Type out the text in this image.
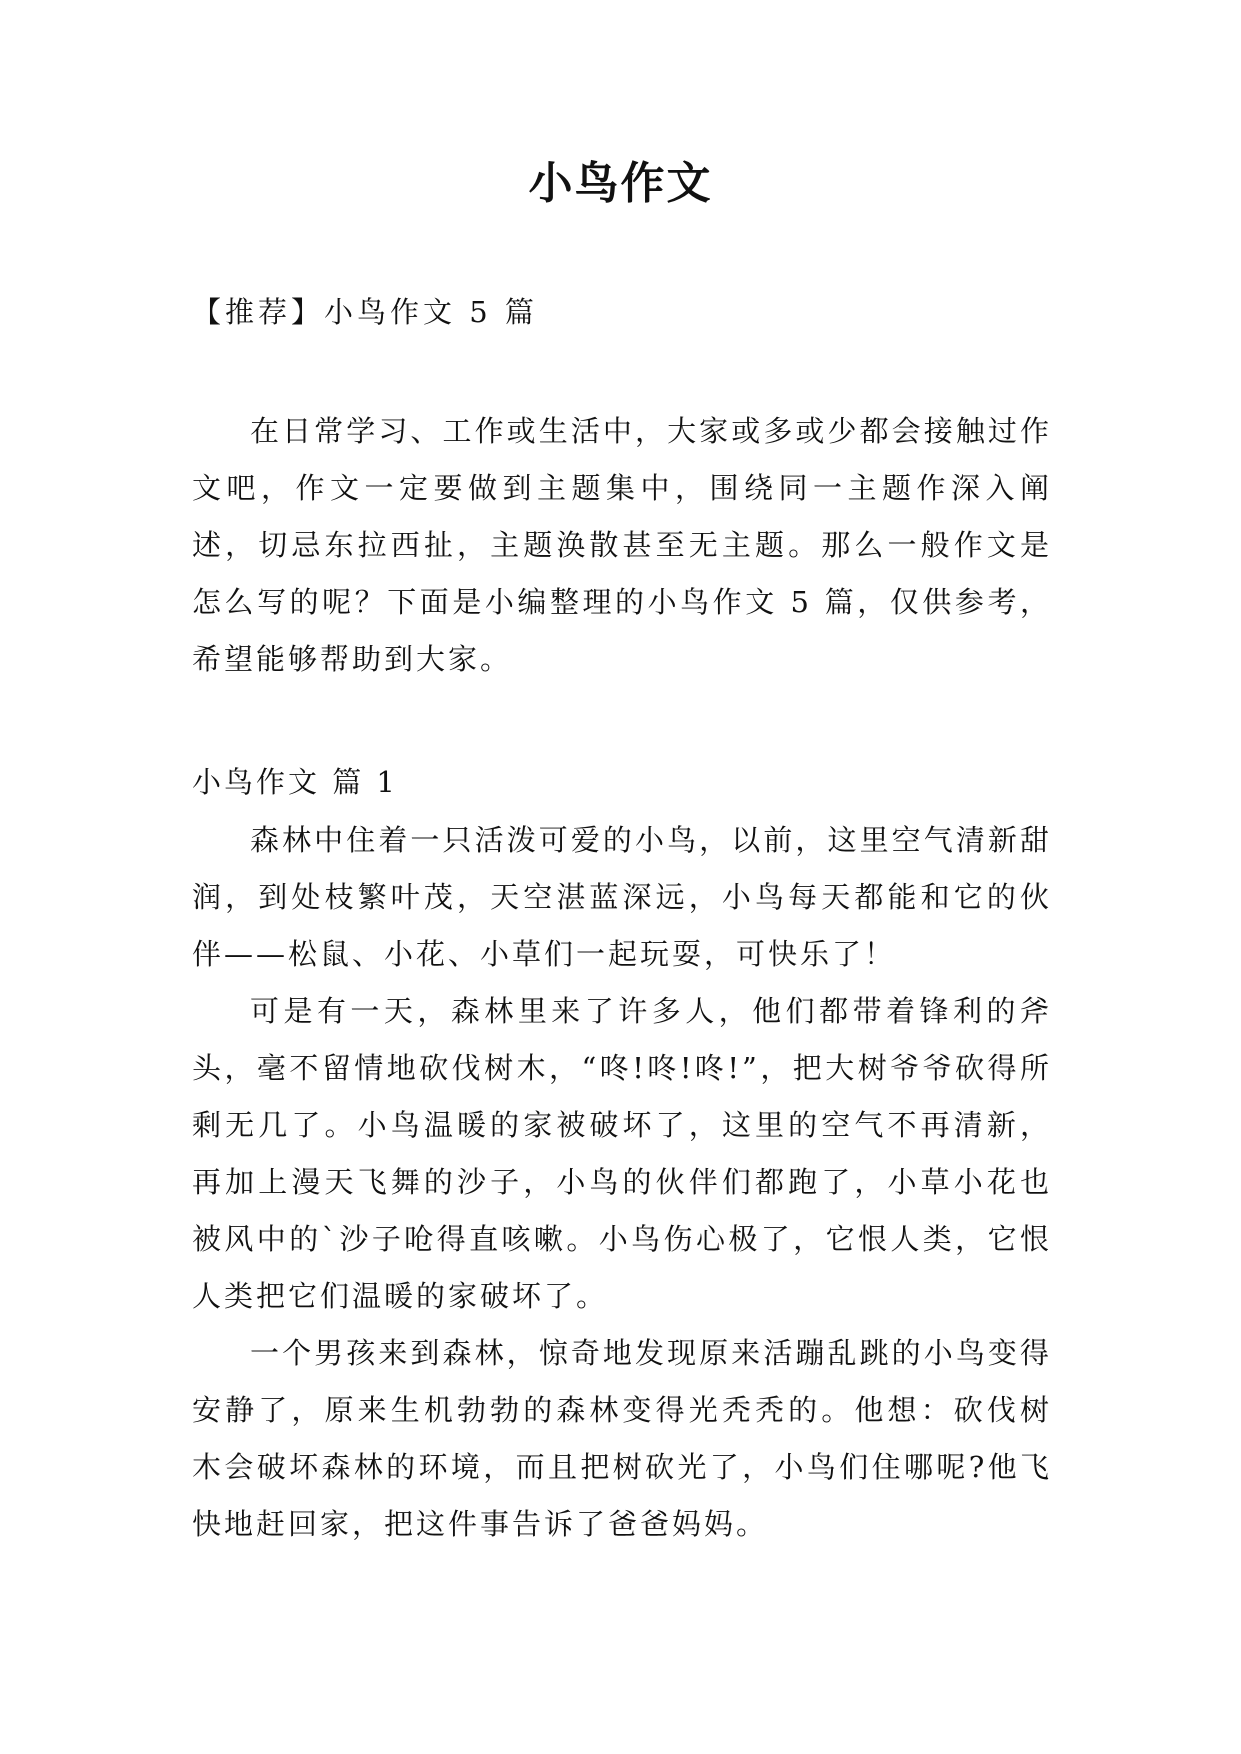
小鸟作文
【推荐】小鸟作文 5 篇

在日常学习、工作或生活中，大家或多或少都会接触过作文吧，作文一定要做到主题集中，围绕同一主题作深入阐述，切忌东拉西扯，主题涣散甚至无主题。那么一般作文是怎么写的呢？下面是小编整理的小鸟作文 5 篇，仅供参考，希望能够帮助到大家。

小鸟作文 篇 1

森林中住着一只活泼可爱的小鸟，以前，这里空气清新甜润，到处枝繁叶茂，天空湛蓝深远，小鸟每天都能和它的伙伴——松鼠、小花、小草们一起玩耍，可快乐了！

可是有一天，森林里来了许多人，他们都带着锋利的斧头，毫不留情地砍伐树木，“咚!咚!咚!”，把大树爷爷砍得所剩无几了。小鸟温暖的家被破坏了，这里的空气不再清新，再加上漫天飞舞的沙子，小鸟的伙伴们都跑了，小草小花也被风中的`沙子呛得直咳嗽。小鸟伤心极了，它恨人类，它恨人类把它们温暖的家破坏了。

一个男孩来到森林，惊奇地发现原来活蹦乱跳的小鸟变得安静了，原来生机勃勃的森林变得光秃秃的。他想：砍伐树木会破坏森林的环境，而且把树砍光了，小鸟们住哪呢?他飞快地赶回家，把这件事告诉了爸爸妈妈。
